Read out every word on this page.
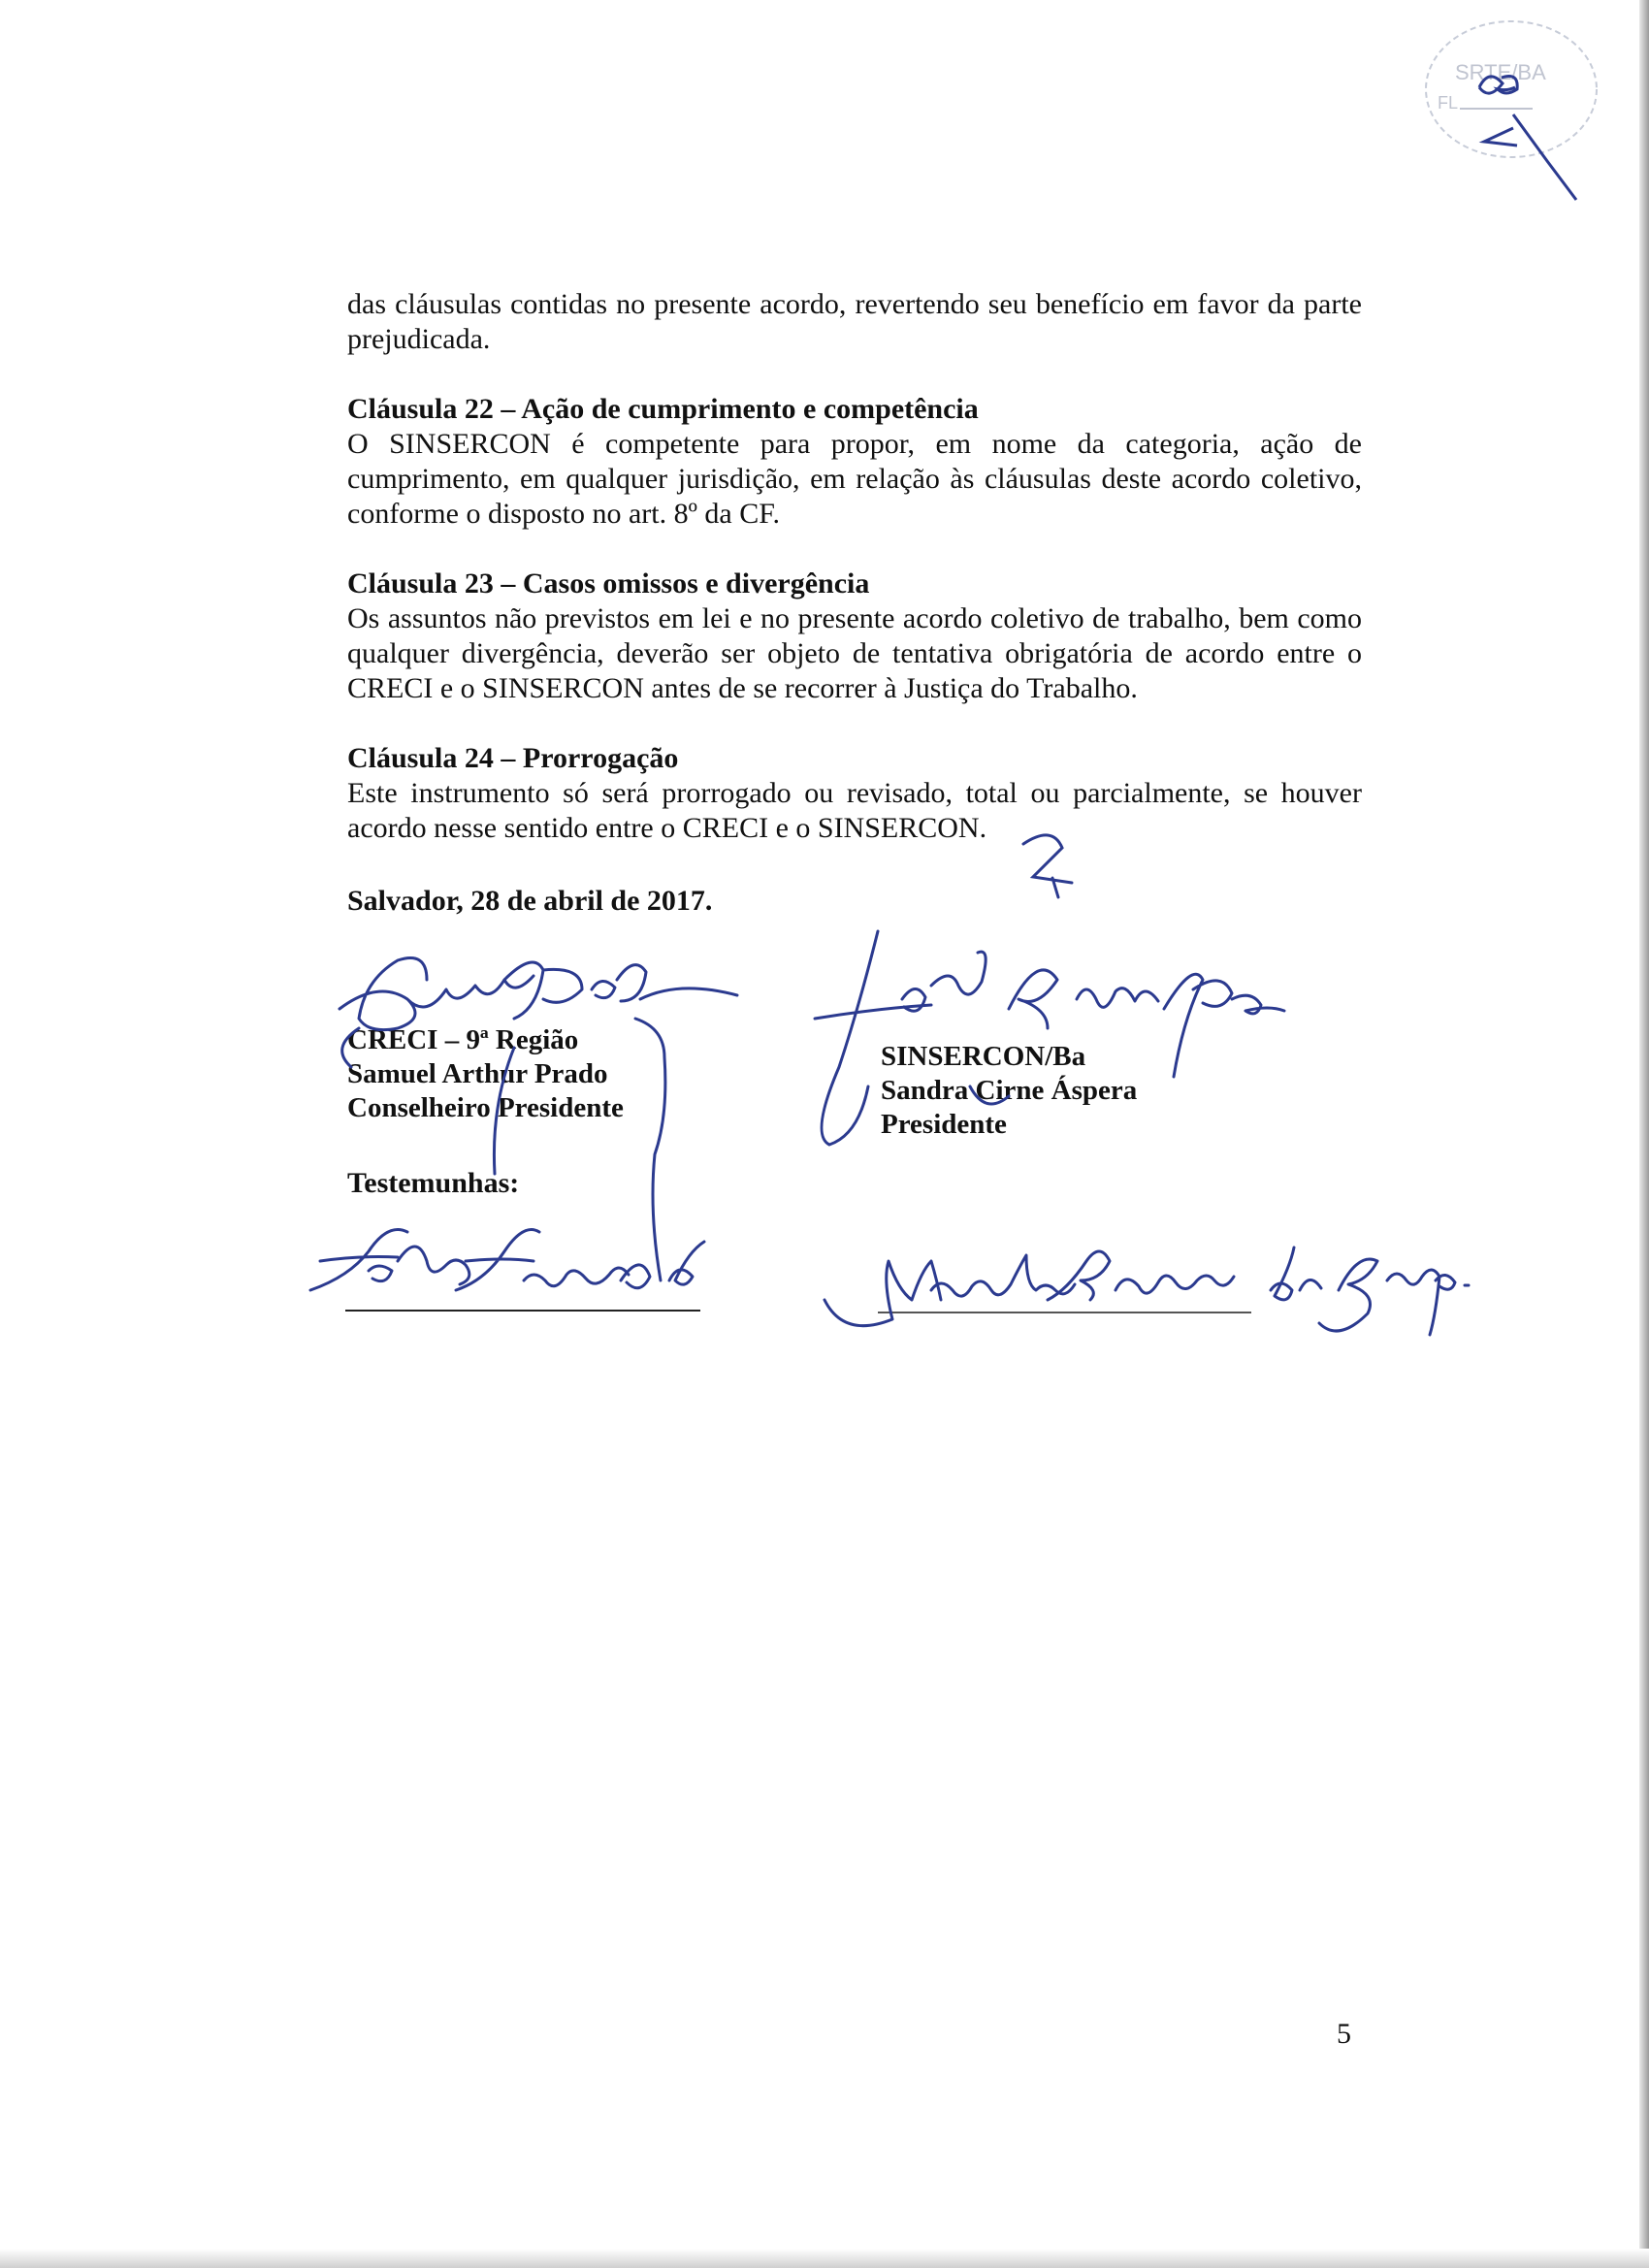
SRTE/BA
FL
das cláusulas contidas no presente acordo, revertendo seu benefício em favor da parte prejudicada.
Cláusula 22 – Ação de cumprimento e competência
O SINSERCON é competente para propor, em nome da categoria, ação de cumprimento, em qualquer jurisdição, em relação às cláusulas deste acordo coletivo, conforme o disposto no art. 8º da CF.
Cláusula 23 – Casos omissos e divergência
Os assuntos não previstos em lei e no presente acordo coletivo de trabalho, bem como qualquer divergência, deverão ser objeto de tentativa obrigatória de acordo entre o CRECI e o SINSERCON antes de se recorrer à Justiça do Trabalho.
Cláusula 24 – Prorrogação
Este instrumento só será prorrogado ou revisado, total ou parcialmente, se houver acordo nesse sentido entre o CRECI e o SINSERCON.
Salvador, 28 de abril de 2017.
CRECI – 9ª Região
Samuel Arthur Prado
Conselheiro Presidente
SINSERCON/Ba
Sandra Cirne Áspera
Presidente
Testemunhas:
5
